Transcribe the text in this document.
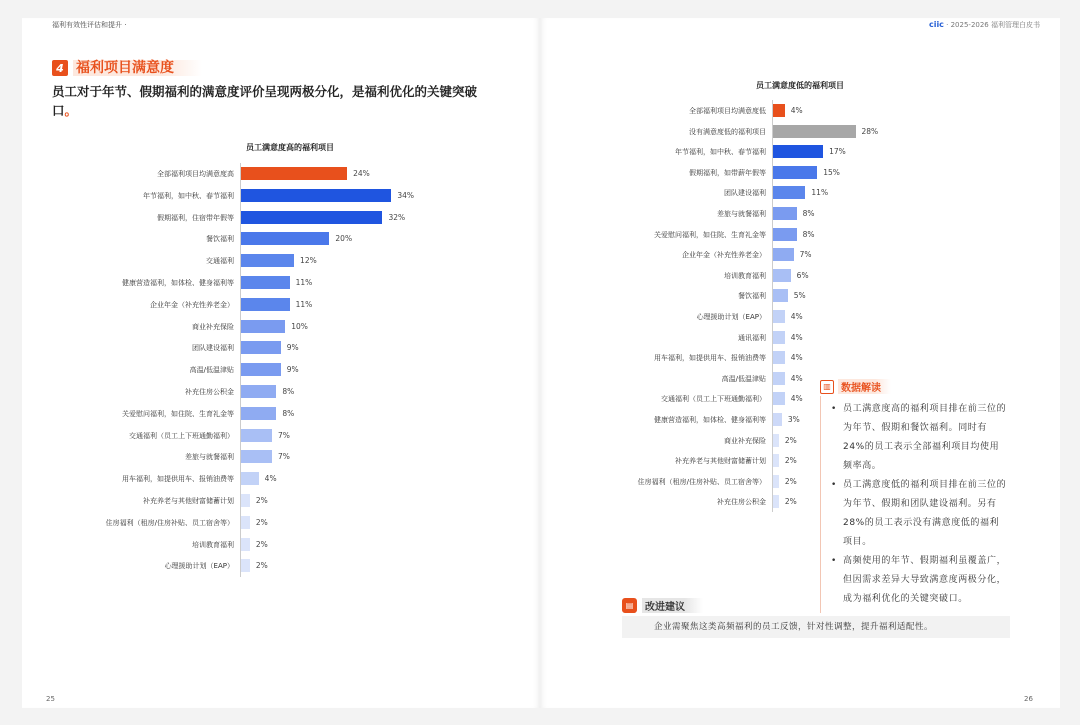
福利有效性评估和提升 ·	ciic · 2025-2026 福利管理白皮书
4 福利项目满意度
员工对于年节、假期福利的满意度评价呈现两极分化，是福利优化的关键突破口。
员工满意度高的福利项目
全部福利项目均满意度高	24%
年节福利，如中秋、春节福利	34%
假期福利，住宿带年假等	32%
餐饮福利	20%
交通福利	12%
健康营造福利，如体检、健身福利等	11%
企业年金（补充性养老金）	11%
商业补充保险	10%
团队建设福利	9%
高温/低温津贴	9%
补充住房公积金	8%
关爱慰问福利，如住院、生育礼金等	8%
交通福利（员工上下班通勤福利）	7%
差旅与就餐福利	7%
用车福利，如提供用车、报销油费等	4%
补充养老与其他财富储蓄计划	2%
住房福利（租房/住房补贴、员工宿舍等）	2%
培训教育福利	2%
心理援助计划（EAP）	2%
员工满意度低的福利项目
全部福利项目均满意度低	4%
没有满意度低的福利项目	28%
年节福利，如中秋、春节福利	17%
假期福利，如带薪年假等	15%
团队建设福利	11%
差旅与就餐福利	8%
关爱慰问福利，如住院、生育礼金等	8%
企业年金（补充性养老金）	7%
培训教育福利	6%
餐饮福利	5%
心理援助计划（EAP）	4%
通讯福利	4%
用车福利，如提供用车、报销油费等	4%
高温/低温津贴	4%
交通福利（员工上下班通勤福利）	4%
健康营造福利，如体检、健身福利等	3%
商业补充保险	2%
补充养老与其他财富储蓄计划	2%
住房福利（租房/住房补贴、员工宿舍等）	2%
补充住房公积金	2%
▥	数据解读
• 员工满意度高的福利项目排在前三位的为年节、假期和餐饮福利。同时有24%的员工表示全部福利项目均使用频率高。
• 员工满意度低的福利项目排在前三位的为年节、假期和团队建设福利。另有28%的员工表示没有满意度低的福利项目。
• 高频使用的年节、假期福利虽覆盖广，但因需求差异大导致满意度两极分化，成为福利优化的关键突破口。
▤	改进建议
企业需聚焦这类高频福利的员工反馈，针对性调整，提升福利适配性。
25	26
